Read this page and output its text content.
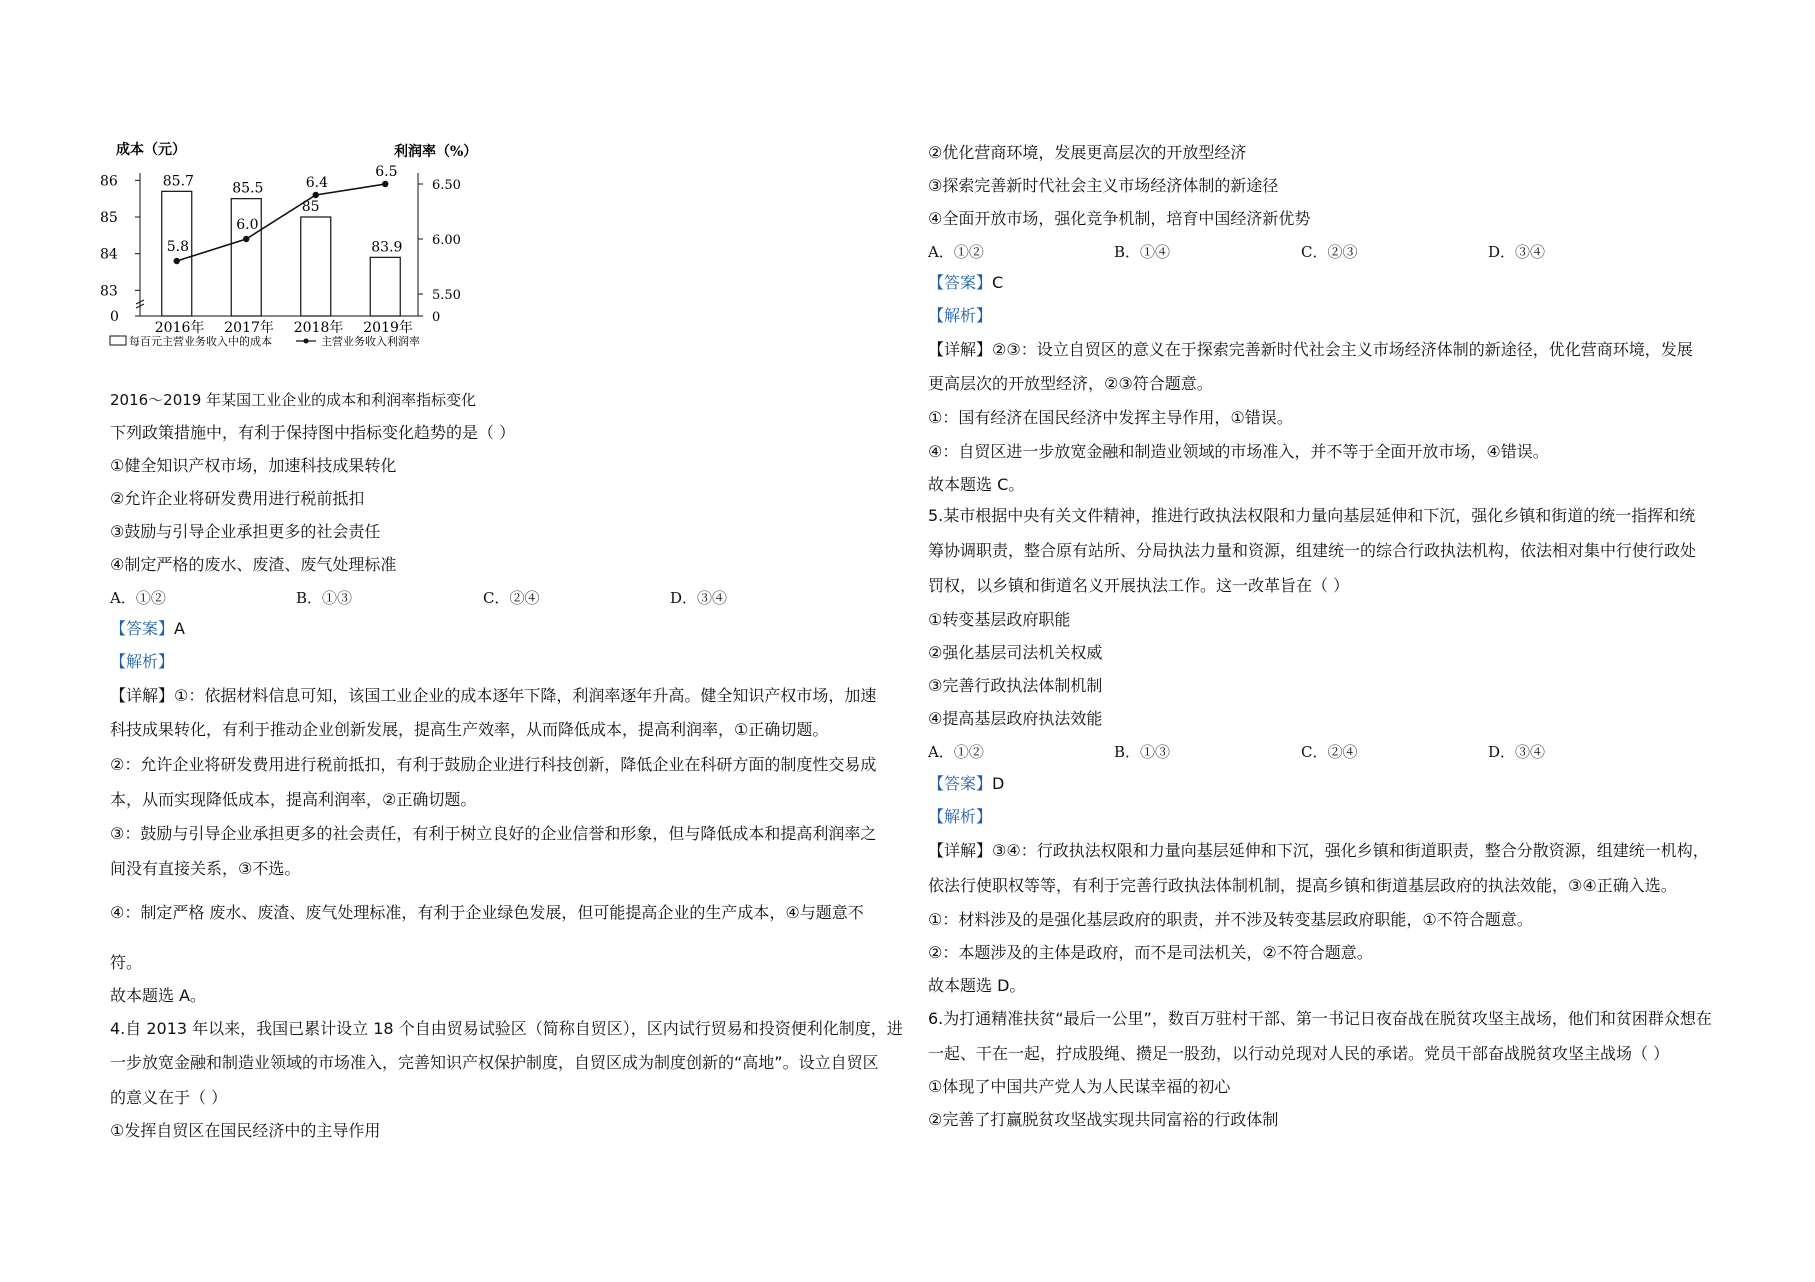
成本（元）	利润率（%）
86
85
84
83
0
6.50
6.00
5.50
0
85.7	85.5
85
83.9
5.8
6.0
6.4
6.5
2016年 2017年 2018年 2019年
每百元主营业务收入中的成本	主营业务收入利润率
2016～2019 年某国工业企业的成本和利润率指标变化
下列政策措施中，有利于保持图中指标变化趋势的是（ ）
①健全知识产权市场，加速科技成果转化
②允许企业将研发费用进行税前抵扣
③鼓励与引导企业承担更多的社会责任
④制定严格的废水、废渣、废气处理标准
A．①②	B．①③	C．②④	D．③④
【答案】A
【解析】
【详解】①：依据材料信息可知，该国工业企业的成本逐年下降，利润率逐年升高。健全知识产权市场，加速
科技成果转化，有利于推动企业创新发展，提高生产效率，从而降低成本，提高利润率，①正确切题。
②：允许企业将研发费用进行税前抵扣，有利于鼓励企业进行科技创新，降低企业在科研方面的制度性交易成
本，从而实现降低成本，提高利润率，②正确切题。
③：鼓励与引导企业承担更多的社会责任，有利于树立良好的企业信誉和形象，但与降低成本和提高利润率之
间没有直接关系，③不选。
④：制定严格 废水、废渣、废气处理标准，有利于企业绿色发展，但可能提高企业的生产成本，④与题意不
符。
故本题选 A。
4.自 2013 年以来，我国已累计设立 18 个自由贸易试验区（简称自贸区），区内试行贸易和投资便利化制度，进
一步放宽金融和制造业领域的市场准入，完善知识产权保护制度，自贸区成为制度创新的“高地”。设立自贸区
的意义在于（ ）
①发挥自贸区在国民经济中的主导作用
②优化营商环境，发展更高层次的开放型经济
③探索完善新时代社会主义市场经济体制的新途径
④全面开放市场，强化竞争机制，培育中国经济新优势
A．①②	B．①④	C．②③	D．③④
【答案】C
【解析】
【详解】②③：设立自贸区的意义在于探索完善新时代社会主义市场经济体制的新途径，优化营商环境，发展
更高层次的开放型经济，②③符合题意。
①：国有经济在国民经济中发挥主导作用，①错误。
④：自贸区进一步放宽金融和制造业领域的市场准入，并不等于全面开放市场，④错误。
故本题选 C。
5.某市根据中央有关文件精神，推进行政执法权限和力量向基层延伸和下沉，强化乡镇和街道的统一指挥和统
筹协调职责，整合原有站所、分局执法力量和资源，组建统一的综合行政执法机构，依法相对集中行使行政处
罚权，以乡镇和街道名义开展执法工作。这一改革旨在（ ）
①转变基层政府职能
②强化基层司法机关权威
③完善行政执法体制机制
④提高基层政府执法效能
A．①②	B．①③	C．②④	D．③④
【答案】D
【解析】
【详解】③④：行政执法权限和力量向基层延伸和下沉，强化乡镇和街道职责，整合分散资源，组建统一机构，
依法行使职权等等，有利于完善行政执法体制机制，提高乡镇和街道基层政府的执法效能，③④正确入选。
①：材料涉及的是强化基层政府的职责，并不涉及转变基层政府职能，①不符合题意。
②：本题涉及的主体是政府，而不是司法机关，②不符合题意。
故本题选 D。
6.为打通精准扶贫“最后一公里”，数百万驻村干部、第一书记日夜奋战在脱贫攻坚主战场，他们和贫困群众想在
一起、干在一起，拧成股绳、攒足一股劲，以行动兑现对人民的承诺。党员干部奋战脱贫攻坚主战场（ ）
①体现了中国共产党人为人民谋幸福的初心
②完善了打赢脱贫攻坚战实现共同富裕的行政体制
